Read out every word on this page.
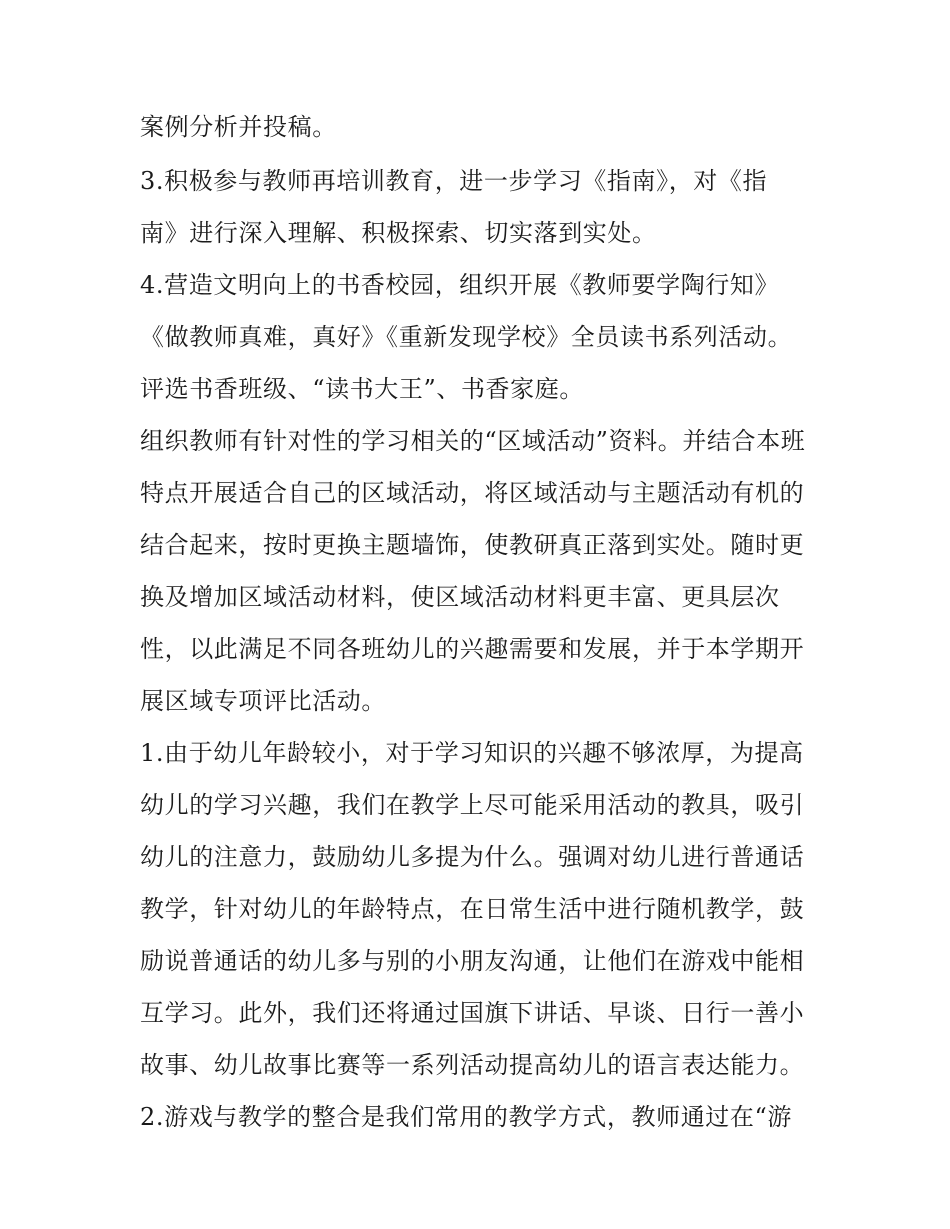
案例分析并投稿。
3.积极参与教师再培训教育，进一步学习《指南》，对《指
南》进行深入理解、积极探索、切实落到实处。
4.营造文明向上的书香校园，组织开展《教师要学陶行知》
《做教师真难，真好》《重新发现学校》全员读书系列活动。
评选书香班级、“读书大王”、书香家庭。
组织教师有针对性的学习相关的“区域活动”资料。并结合本班
特点开展适合自己的区域活动，将区域活动与主题活动有机的
结合起来，按时更换主题墙饰，使教研真正落到实处。随时更
换及增加区域活动材料，使区域活动材料更丰富、更具层次
性，以此满足不同各班幼儿的兴趣需要和发展，并于本学期开
展区域专项评比活动。
1.由于幼儿年龄较小，对于学习知识的兴趣不够浓厚，为提高
幼儿的学习兴趣，我们在教学上尽可能采用活动的教具，吸引
幼儿的注意力，鼓励幼儿多提为什么。强调对幼儿进行普通话
教学，针对幼儿的年龄特点，在日常生活中进行随机教学，鼓
励说普通话的幼儿多与别的小朋友沟通，让他们在游戏中能相
互学习。此外，我们还将通过国旗下讲话、早谈、日行一善小
故事、幼儿故事比赛等一系列活动提高幼儿的语言表达能力。
2.游戏与教学的整合是我们常用的教学方式，教师通过在“游
